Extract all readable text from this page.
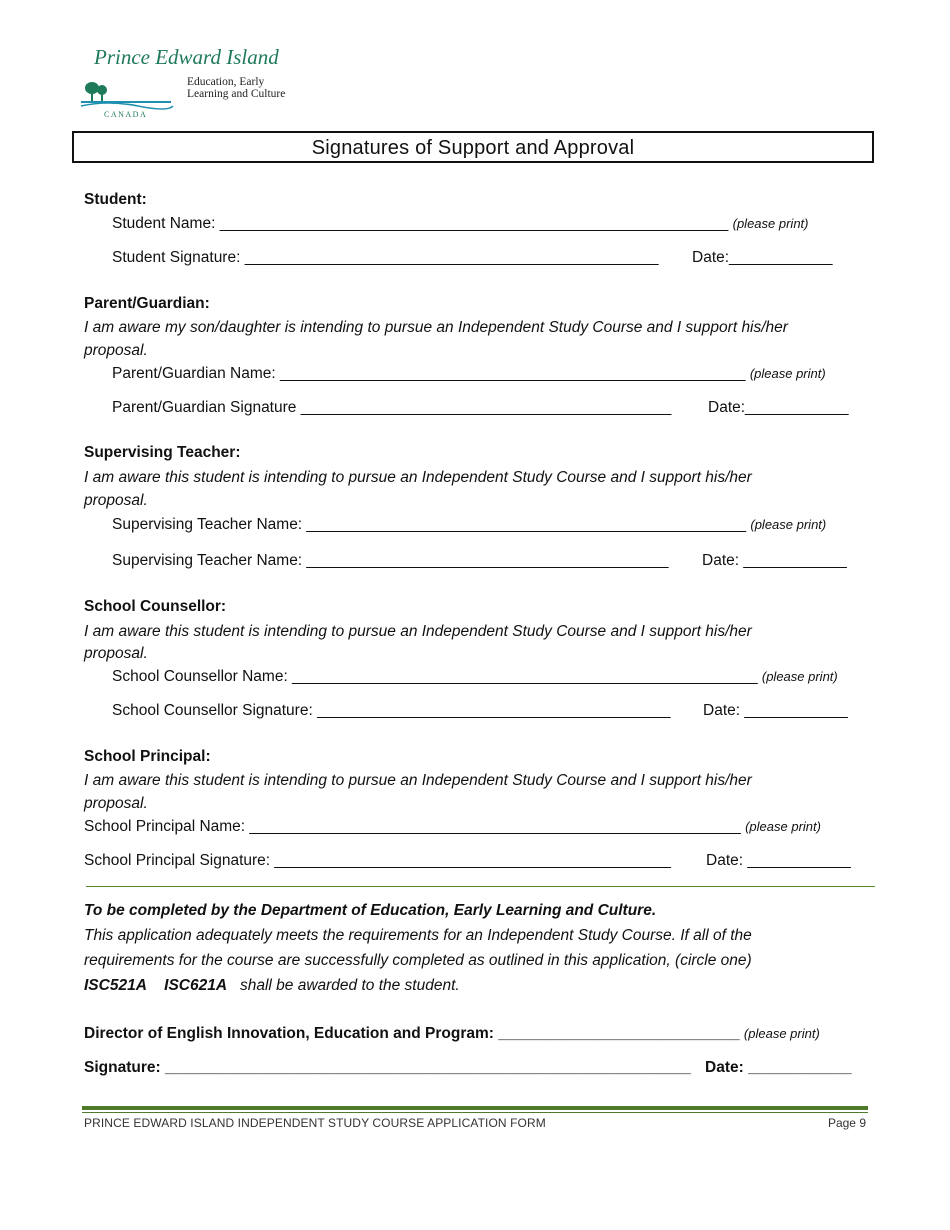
Prince Edward Island
CANADA
Education, Early
Learning and Culture
Signatures of Support and Approval
Student:
Student Name: ___________________________________________________________ (please print)
Student Signature: ________________________________________________ Date:____________
Parent/Guardian:
I am aware my son/daughter is intending to pursue an Independent Study Course and I support his/her
proposal.
Parent/Guardian Name: ______________________________________________________ (please print)
Parent/Guardian Signature ___________________________________________ Date:____________
Supervising Teacher:
I am aware this student is intending to pursue an Independent Study Course and I support his/her
proposal.
Supervising Teacher Name: ___________________________________________________ (please print)
Supervising Teacher Name: __________________________________________ Date: ____________
School Counsellor:
I am aware this student is intending to pursue an Independent Study Course and I support his/her
proposal.
School Counsellor Name: ______________________________________________________ (please print)
School Counsellor Signature: _________________________________________ Date: ____________
School Principal:
I am aware this student is intending to pursue an Independent Study Course and I support his/her
proposal.
School Principal Name: _________________________________________________________ (please print)
School Principal Signature: ______________________________________________ Date: ____________
To be completed by the Department of Education, Early Learning and Culture.
This application adequately meets the requirements for an Independent Study Course. If all of the
requirements for the course are successfully completed as outlined in this application, (circle one)
ISC521A ISC621A shall be awarded to the student.
Director of English Innovation, Education and Program: ____________________________ (please print)
Signature: _____________________________________________________________ Date: ____________
PRINCE EDWARD ISLAND INDEPENDENT STUDY COURSE APPLICATION FORM	Page 9
